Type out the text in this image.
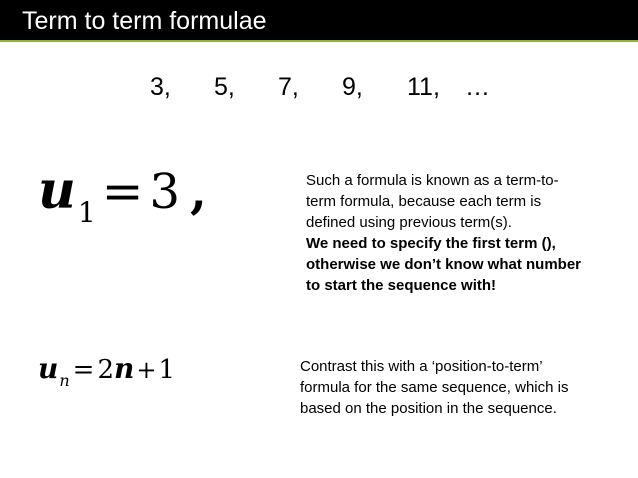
Term to term formulae
3, 5, 7, 9, 11, …
u1 = 3 ,	Such a formula is known as a term-to-
term formula, because each term is
defined using previous term(s).
We need to specify the first term (),
otherwise we don’t know what number
to start the sequence with!
un = 2n+1	Contrast this with a ‘position-to-term’
formula for the same sequence, which is
based on the position in the sequence.
